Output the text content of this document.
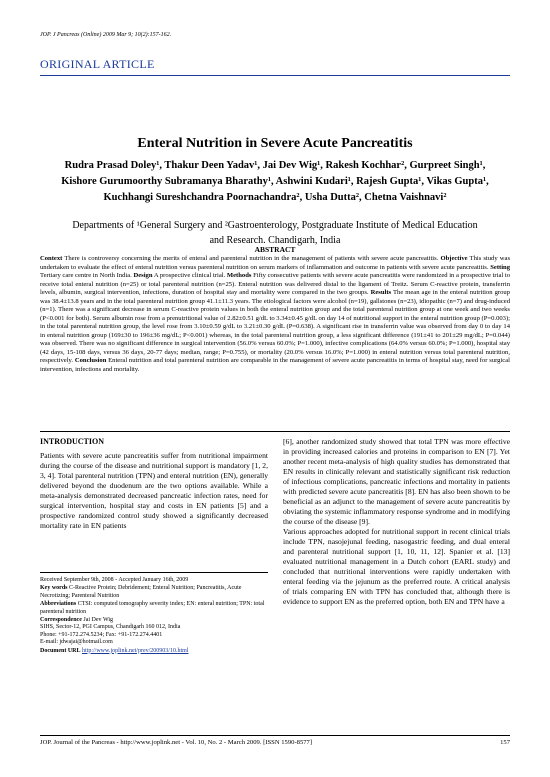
JOP. J Pancreas (Online) 2009 Mar 9; 10(2):157-162.
ORIGINAL ARTICLE
Enteral Nutrition in Severe Acute Pancreatitis
Rudra Prasad Doley¹, Thakur Deen Yadav¹, Jai Dev Wig¹, Rakesh Kochhar², Gurpreet Singh¹, Kishore Gurumoorthy Subramanya Bharathy¹, Ashwini Kudari¹, Rajesh Gupta¹, Vikas Gupta¹, Kuchhangi Sureshchandra Poornachandra², Usha Dutta², Chetna Vaishnavi²
Departments of ¹General Surgery and ²Gastroenterology, Postgraduate Institute of Medical Education and Research. Chandigarh, India
ABSTRACT
Context There is controversy concerning the merits of enteral and parenteral nutrition in the management of patients with severe acute pancreatitis. Objective This study was undertaken to evaluate the effect of enteral nutrition versus parenteral nutrition on serum markers of inflammation and outcome in patients with severe acute pancreatitis. Setting Tertiary care centre in North India. Design A prospective clinical trial. Methods Fifty consecutive patients with severe acute pancreatitis were randomized in a prospective trial to receive total enteral nutrition (n=25) or total parenteral nutrition (n=25). Enteral nutrition was delivered distal to the ligament of Treitz. Serum C-reactive protein, transferrin levels, albumin, surgical intervention, infections, duration of hospital stay and mortality were compared in the two groups. Results The mean age in the enteral nutrition group was 38.4±13.8 years and in the total parenteral nutrition group 41.1±11.3 years. The etiological factors were alcohol (n=19), gallstones (n=23), idiopathic (n=7) and drug-induced (n=1). There was a significant decrease in serum C-reactive protein values in both the enteral nutrition group and the total parenteral nutrition group at one week and two weeks (P<0.001 for both). Serum albumin rose from a prenutritional value of 2.82±0.51 g/dL to 3.34±0.45 g/dL on day 14 of nutritional support in the enteral nutrition group (P=0.003); in the total parenteral nutrition group, the level rose from 3.10±0.59 g/dL to 3.21±0.30 g/dL (P=0.638). A significant rise in transferrin value was observed from day 0 to day 14 in enteral nutrition group (169±30 to 196±36 mg/dL; P<0.001) whereas, in the total parenteral nutrition group, a less significant difference (191±41 to 201±29 mg/dL; P=0.044) was observed. There was no significant difference in surgical intervention (56.0% versus 60.0%; P=1.000), infective complications (64.0% versus 60.0%; P=1.000), hospital stay (42 days, 15-108 days, versus 36 days, 20-77 days; median, range; P=0.755), or mortality (20.0% versus 16.0%; P=1.000) in enteral nutrition versus total parenteral nutrition, respectively. Conclusion Enteral nutrition and total parenteral nutrition are comparable in the management of severe acute pancreatitis in terms of hospital stay, need for surgical intervention, infections and mortality.
INTRODUCTION

Patients with severe acute pancreatitis suffer from nutritional impairment during the course of the disease and nutritional support is mandatory [1, 2, 3, 4]. Total parenteral nutrition (TPN) and enteral nutrition (EN), generally delivered beyond the duodenum are the two options available. While a meta-analysis demonstrated decreased pancreatic infection rates, need for surgical intervention, hospital stay and costs in EN patients [5] and a prospective randomized control study showed a significantly decreased mortality rate in EN patients

Received September 9th, 2008 - Accepted January 16th, 2009
Key words C-Reactive Protein; Debridement; Enteral Nutrition; Pancreatitis, Acute Necrotizing; Parenteral Nutrition
Abbreviations CTSI: computed tomography severity index; EN: enteral nutrition; TPN: total parenteral nutrition
Correspondence Jai Dev Wig
SIHS, Sector-12, PGI Campus, Chandigarh 160 012, India
Phone: +91-172.274.5234; Fax: +91-172.274.4401
E-mail: jdwajai@hotmail.com
Document URL http://www.joplink.net/prev/200903/10.html

[6], another randomized study showed that total TPN was more effective in providing increased calories and proteins in comparison to EN [7]. Yet another recent meta-analysis of high quality studies has demonstrated that EN results in clinically relevant and statistically significant risk reduction of infectious complications, pancreatic infections and mortality in patients with predicted severe acute pancreatitis [8]. EN has also been shown to be beneficial as an adjunct to the management of severe acute pancreatitis by obviating the systemic inflammatory response syndrome and in modifying the course of the disease [9].

Various approaches adopted for nutritional support in recent clinical trials include TPN, nasojejunal feeding, nasogastric feeding, and dual enteral and parenteral nutritional support [1, 10, 11, 12]. Spanier et al. [13] evaluated nutritional management in a Dutch cohort (EARL study) and concluded that nutritional interventions were rapidly undertaken with enteral feeding via the jejunum as the preferred route. A critical analysis of trials comparing EN with TPN has concluded that, although there is evidence to support EN as the preferred option, both EN and TPN have a

JOP. Journal of the Pancreas - http://www.joplink.net - Vol. 10, No. 2 - March 2009. [ISSN 1590-8577]	157
